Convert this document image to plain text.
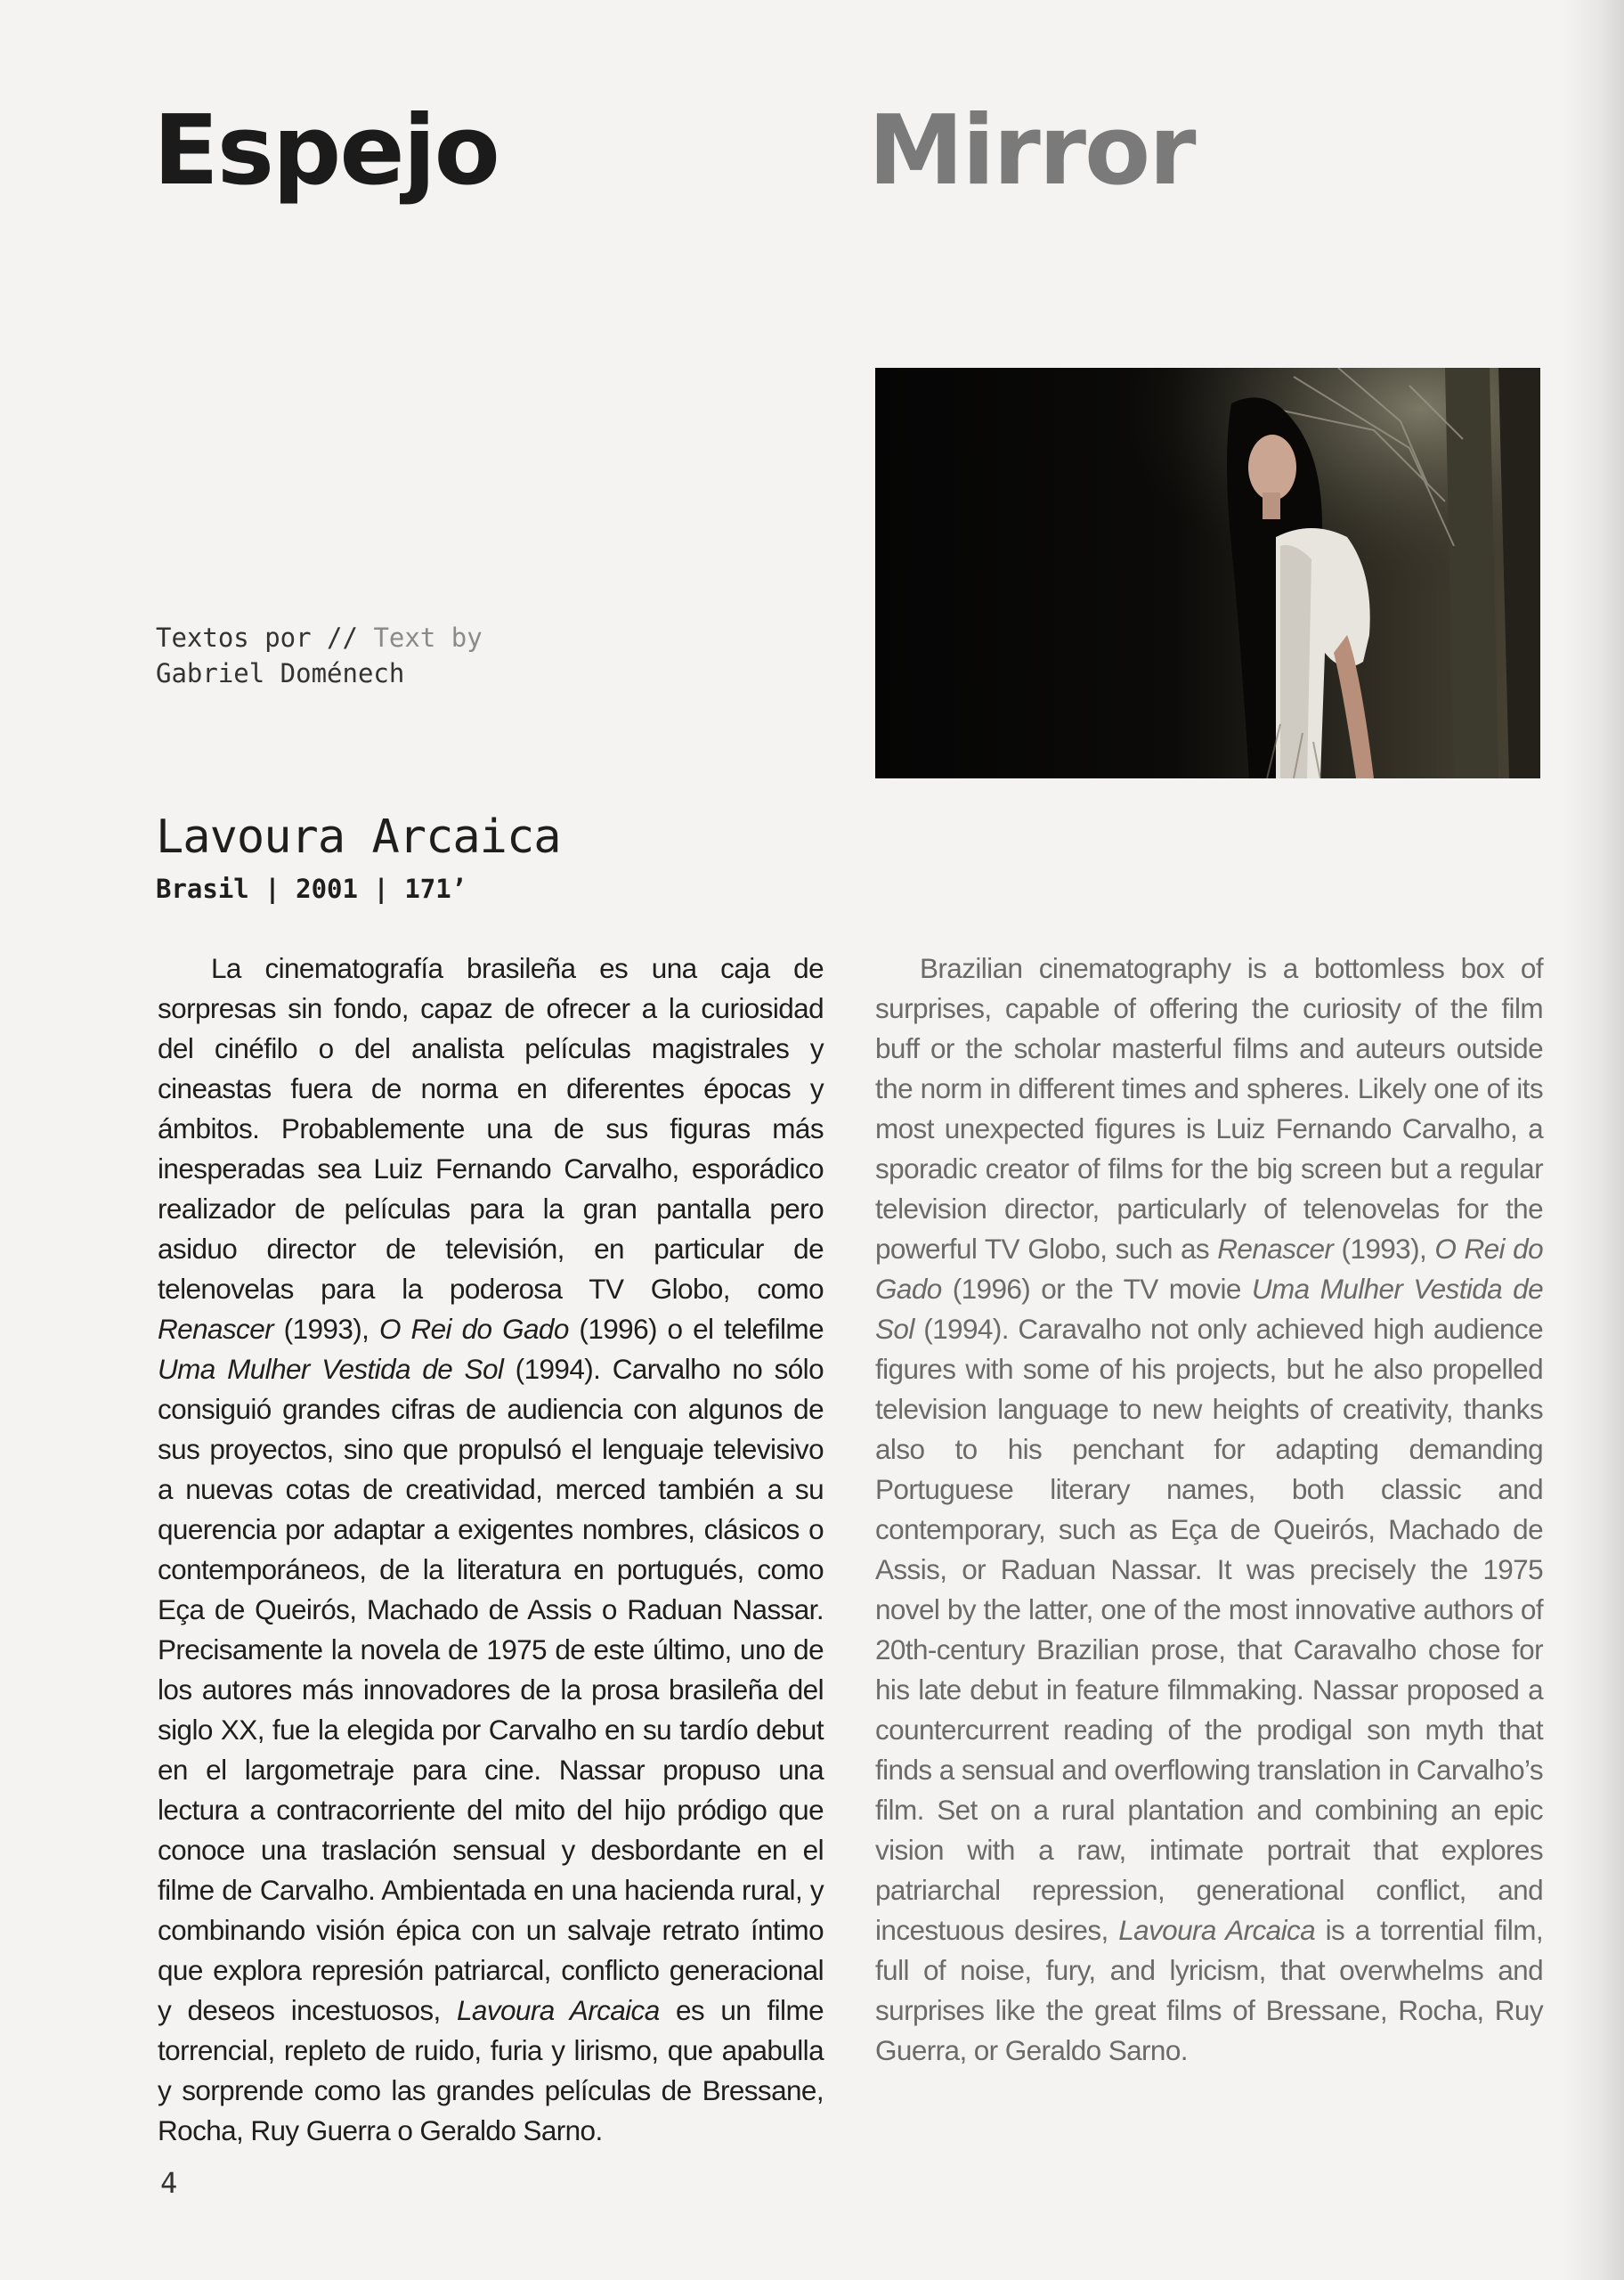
Espejo	Mirror
Textos por // Text by
Gabriel Doménech
Lavoura Arcaica
Brasil | 2001 | 171’

La cinematografía brasileña es una caja de sorpresas sin fondo, capaz de ofrecer a la curiosidad del cinéfilo o del analista películas magistrales y cineastas fuera de norma en diferentes épocas y ámbitos. Probablemente una de sus figuras más inesperadas sea Luiz Fernando Carvalho, esporádico realizador de películas para la gran pantalla pero asiduo director de televisión, en particular de telenovelas para la poderosa TV Globo, como Renascer (1993), O Rei do Gado (1996) o el telefilme Uma Mulher Vestida de Sol (1994). Carvalho no sólo consiguió grandes cifras de audiencia con algunos de sus proyectos, sino que propulsó el lenguaje televisivo a nuevas cotas de creatividad, merced también a su querencia por adaptar a exigentes nombres, clásicos o contemporáneos, de la literatura en portugués, como Eça de Queirós, Machado de Assis o Raduan Nassar. Precisamente la novela de 1975 de este último, uno de los autores más innovadores de la prosa brasileña del siglo XX, fue la elegida por Carvalho en su tardío debut en el largometraje para cine. Nassar propuso una lectura a contracorriente del mito del hijo pródigo que conoce una traslación sensual y desbordante en el filme de Carvalho. Ambientada en una hacienda rural, y combinando visión épica con un salvaje retrato íntimo que explora represión patriarcal, conflicto generacional y deseos incestuosos, Lavoura Arcaica es un filme torrencial, repleto de ruido, furia y lirismo, que apabulla y sorprende como las grandes películas de Bressane, Rocha, Ruy Guerra o Geraldo Sarno.

Brazilian cinematography is a bottomless box of surprises, capable of offering the curiosity of the film buff or the scholar masterful films and auteurs outside the norm in different times and spheres. Likely one of its most unexpected figures is Luiz Fernando Carvalho, a sporadic creator of films for the big screen but a regular television director, particularly of telenovelas for the powerful TV Globo, such as Renascer (1993), O Rei do Gado (1996) or the TV movie Uma Mulher Vestida de Sol (1994). Caravalho not only achieved high audience figures with some of his projects, but he also propelled television language to new heights of creativity, thanks also to his penchant for adapting demanding Portuguese literary names, both classic and contemporary, such as Eça de Queirós, Machado de Assis, or Raduan Nassar. It was precisely the 1975 novel by the latter, one of the most innovative authors of 20th-century Brazilian prose, that Caravalho chose for his late debut in feature filmmaking. Nassar proposed a countercurrent reading of the prodigal son myth that finds a sensual and overflowing translation in Carvalho’s film. Set on a rural plantation and combining an epic vision with a raw, intimate portrait that explores patriarchal repression, generational conflict, and incestuous desires, Lavoura Arcaica is a torrential film, full of noise, fury, and lyricism, that overwhelms and surprises like the great films of Bressane, Rocha, Ruy Guerra, or Geraldo Sarno.

4
